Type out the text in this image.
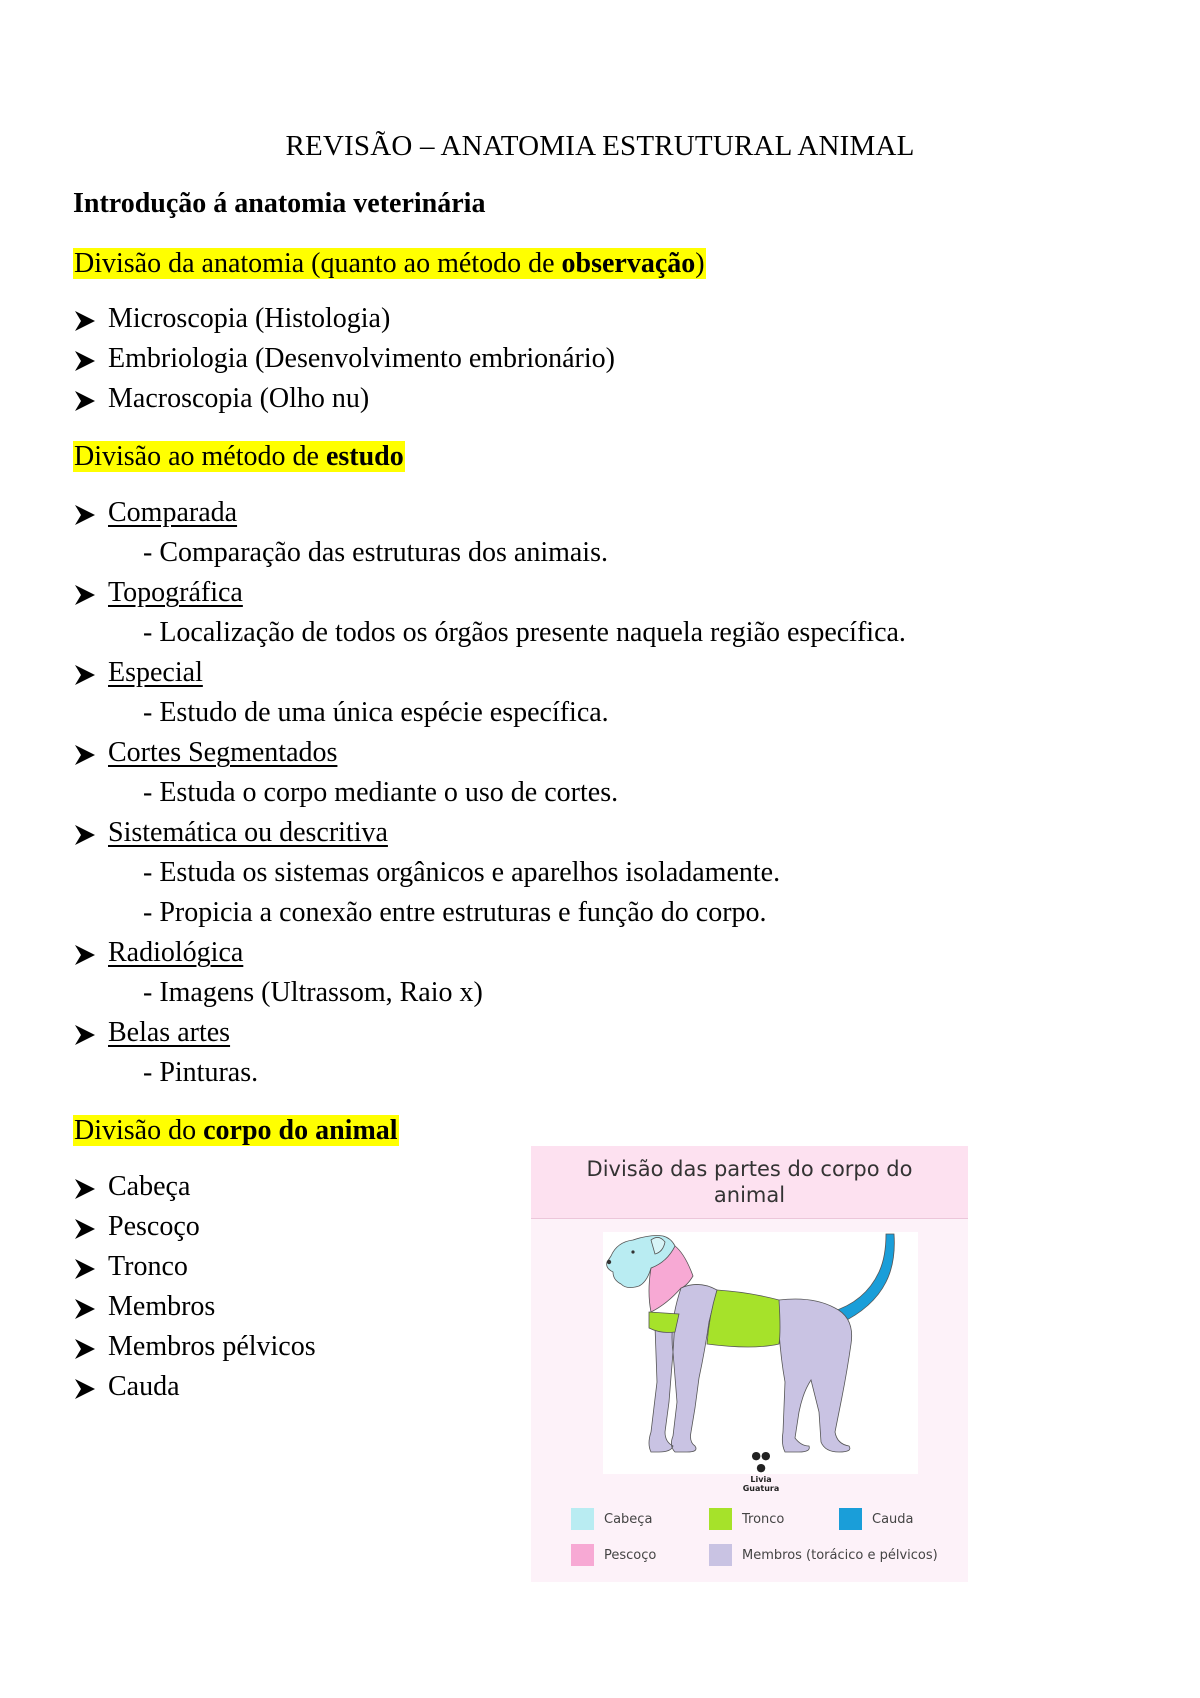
REVISÃO – ANATOMIA ESTRUTURAL ANIMAL
Introdução á anatomia veterinária
Divisão da anatomia (quanto ao método de observação)
Microscopia (Histologia)
Embriologia (Desenvolvimento embrionário)
Macroscopia (Olho nu)
Divisão ao método de estudo
Comparada
- Comparação das estruturas dos animais.
Topográfica
- Localização de todos os órgãos presente naquela região específica.
Especial
- Estudo de uma única espécie específica.
Cortes Segmentados
- Estuda o corpo mediante o uso de cortes.
Sistemática ou descritiva
- Estuda os sistemas orgânicos e aparelhos isoladamente.
- Propicia a conexão entre estruturas e função do corpo.
Radiológica
- Imagens (Ultrassom, Raio x)
Belas artes
- Pinturas.
Divisão do corpo do animal
Cabeça
Pescoço
Tronco
Membros
Membros pélvicos
Cauda
Divisão das partes do corpo do animal
●●
●
Livia Guatura
Cabeça	Tronco	Cauda
Pescoço	Membros (torácico e pélvicos)
